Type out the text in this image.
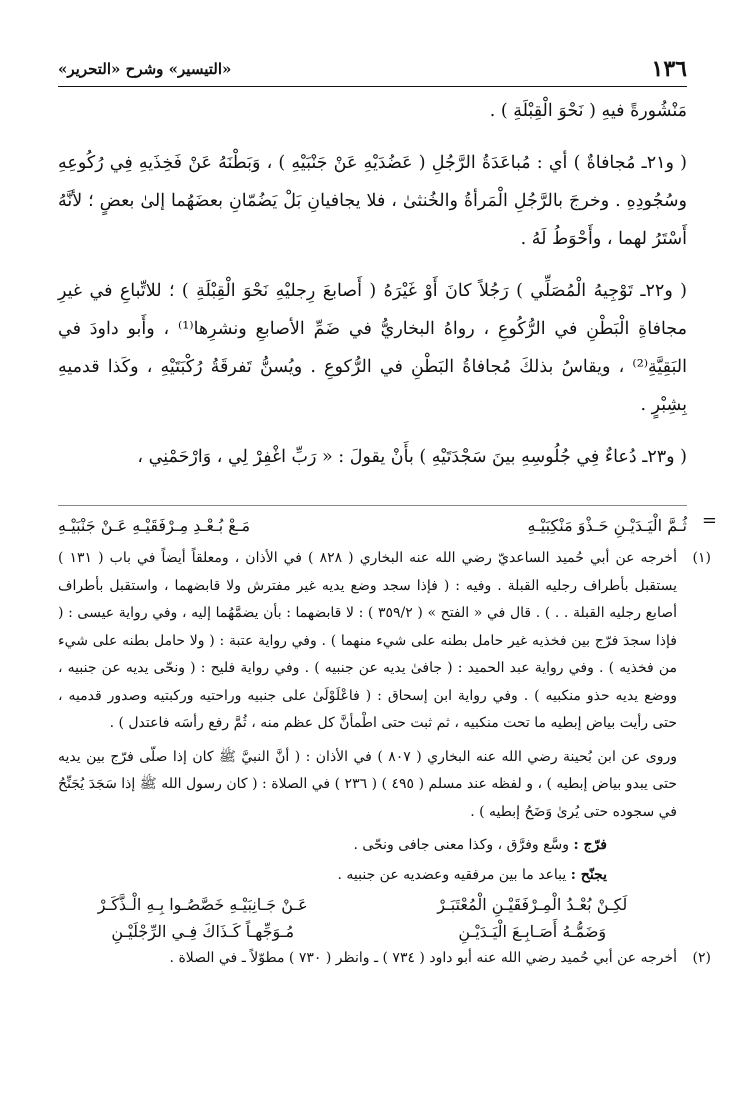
١٣٦
«التيسير» وشرح «التحرير»

مَنْشُورةً فيهِ ( نَحْوَ الْقِبْلَةِ ) .

( و٢١ـ مُجافاةٌ ) أي : مُباعَدَةُ الرَّجُلِ ( عَضُدَيْهِ عَنْ جَنْبَيْهِ ) ، وَبَطْنَهُ عَنْ فَخِذَيهِ فِي رُكُوعِهِ وسُجُودِهِ . وخرجَ بالرَّجُلِ الْمَرأةُ والخُنثىٰ ، فلا يجافيانِ بَلْ يَضُمّانِ بعضَهُما إلىٰ بعضٍ ؛ لأنَّهُ أَسْتَرُ لهما ، وأَحْوَطُ لَهُ .

( و٢٢ـ تَوْجِيهُ الْمُصَلِّي ) رَجُلاً كانَ أَوْ غَيْرَهُ ( أَصابعَ رِجليْهِ نَحْوَ الْقِبْلَةِ ) ؛ للاتِّباعِ في غيرِ مجافاةِ الْبَطْنِ في الرُّكُوعِ ، رواهُ البخاريُّ في ضَمِّ الأصابعِ ونشرِها⁽¹⁾ ، وأَبو داودَ في البَقِيَّةِ⁽²⁾ ، ويقاسُ بذلكَ مُجافاةُ البَطْنِ في الرُّكوعِ . ويُسنُّ تَفرقَةُ رُكْبَتَيْهِ ، وكَذا قدميهِ بِشِبْرٍ .

( و٢٣ـ دُعاءٌ فِي جُلُوسِهِ بينَ سَجْدَتَيْهِ ) بأَنْ يقولَ : « رَبِّ اغْفِرْ لِي ، وَارْحَمْنِي ،

=
ثُـمَّ الْيَـدَيْـنِ حَـذْوَ مَنْكِبَيْـهِ
مَـعْ بُـعْـدِ مِـرْفَقَيْـهِ عَـنْ جَنْبَيْـهِ
(١)

أخرجه عن أبي حُميد الساعديّ رضي الله عنه البخاري ( ٨٢٨ ) في الأذان ، ومعلقاً أيضاً في باب ( ١٣١ ) يستقبل بأطراف رجليه القبلة . وفيه : ( فإذا سجد وضع يديه غير مفترش ولا قابضهما ، واستقبل بأطراف أصابع رجليه القبلة . . ) . قال في « الفتح » ( ٣٥٩/٢ ) : لا قابضهما : بأن يضمَّهُما إليه ، وفي رواية عيسى : ( فإذا سجدَ فرّج بين فخذيه غير حامل بطنه على شيء منهما ) . وفي رواية عتبة : ( ولا حامل بطنه على شيء من فخذيه ) . وفي رواية عبد الحميد : ( جافىٰ يديه عن جنبيه ) . وفي رواية فليح : ( ونحّى يديه عن جنبيه ، ووضع يديه حذو منكبيه ) . وفي رواية ابن إسحاق : ( فاعْلَوْلَىٰ على جنبيه وراحتيه وركبتيه وصدور قدميه ، حتى رأيت بياض إبطيه ما تحت منكبيه ، ثم ثبت حتى اطْمأنَّ كل عظم منه ، ثُمَّ رفع رأسَه فاعتدل ) .

وروى عن ابن بُحينة رضي الله عنه البخاري ( ٨٠٧ ) في الأذان : ( أنَّ النبيَّ ﷺ كان إذا صلّى فرّج بين يديه حتى يبدو بياض إبطيه ) ، و لفظه عند مسلم ( ٤٩٥ ) ( ٢٣٦ ) في الصلاة : ( كان رسول الله ﷺ إذا سَجَدَ يُجَنِّحُ في سجوده حتى يُرىٰ وَضَحُ إبطيه ) .

فرّج : وسَّع وفرَّق ، وكذا معنى جافى ونحّى .
يجنّح : يباعد ما بين مرفقيه وعضديه عن جنبيه .
لَكِـنْ بُعْـدُ الْمِـرْفَقَيْـنِ الْمُعْتَبَـرْ
عَـنْ جَـانِبَيْـهِ خَصَّصُـوا بِـهِ الْـذَّكَـرْ
وَضَمُّـهُ أَصَـابِـعَ الْيَـدَيْـنِ
مُـوَجِّهـاً كَـذَاكَ فِـي الرِّجْلَيْـنِ
(٢)
أخرجه عن أبي حُميد رضي الله عنه أبو داود ( ٧٣٤ ) ـ وانظر ( ٧٣٠ ) مطوّلاً ـ في الصلاة .
